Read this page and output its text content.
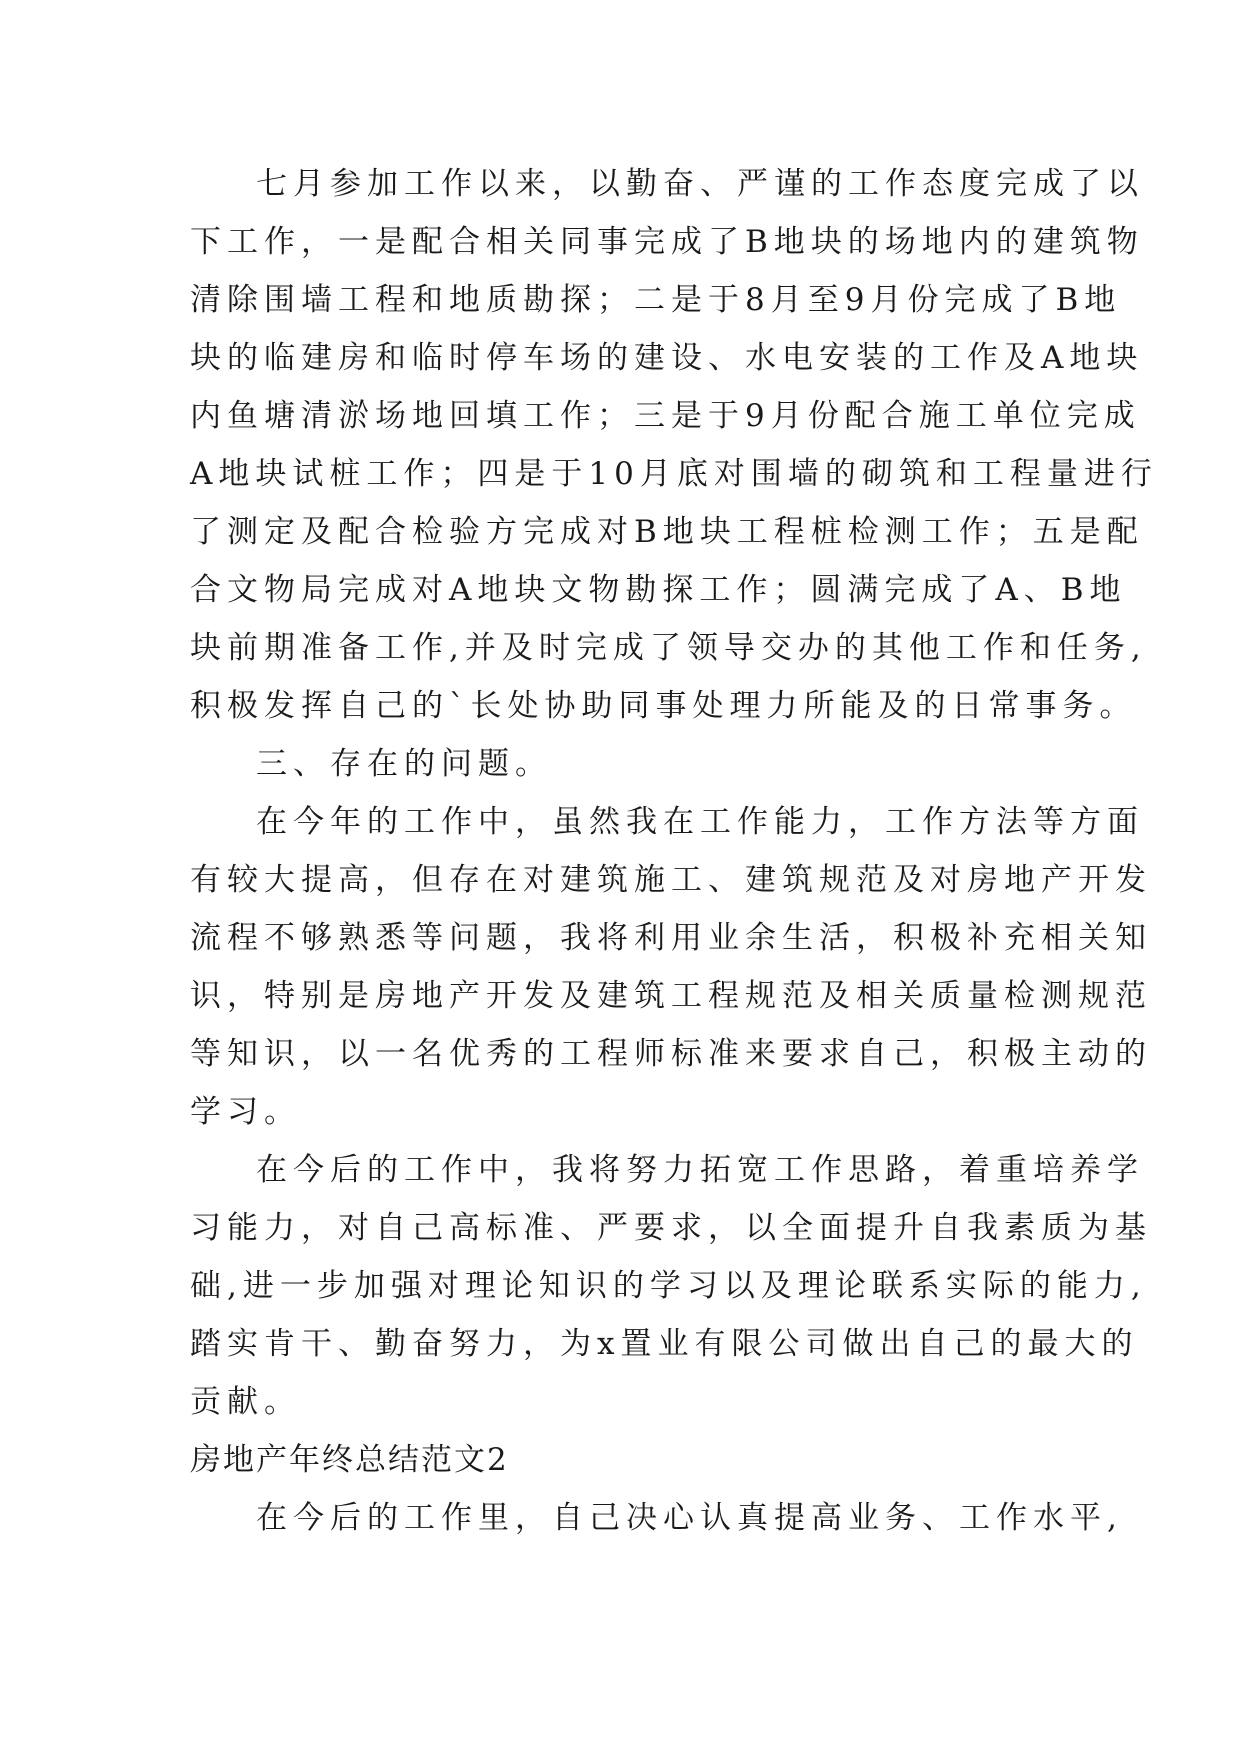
七月参加工作以来，以勤奋、严谨的工作态度完成了以
下工作，一是配合相关同事完成了B地块的场地内的建筑物
清除围墙工程和地质勘探；二是于8月至9月份完成了B地
块的临建房和临时停车场的建设、水电安装的工作及A地块
内鱼塘清淤场地回填工作；三是于9月份配合施工单位完成
A地块试桩工作；四是于10月底对围墙的砌筑和工程量进行
了测定及配合检验方完成对B地块工程桩检测工作；五是配
合文物局完成对A地块文物勘探工作；圆满完成了A、B地
块前期准备工作,并及时完成了领导交办的其他工作和任务,
积极发挥自己的`长处协助同事处理力所能及的日常事务。
三、存在的问题。
在今年的工作中，虽然我在工作能力，工作方法等方面
有较大提高，但存在对建筑施工、建筑规范及对房地产开发
流程不够熟悉等问题，我将利用业余生活，积极补充相关知
识，特别是房地产开发及建筑工程规范及相关质量检测规范
等知识，以一名优秀的工程师标准来要求自己，积极主动的
学习。
在今后的工作中，我将努力拓宽工作思路，着重培养学
习能力，对自己高标准、严要求，以全面提升自我素质为基
础,进一步加强对理论知识的学习以及理论联系实际的能力,
踏实肯干、勤奋努力，为x置业有限公司做出自己的最大的
贡献。
房地产年终总结范文2
在今后的工作里，自己决心认真提高业务、工作水平,
